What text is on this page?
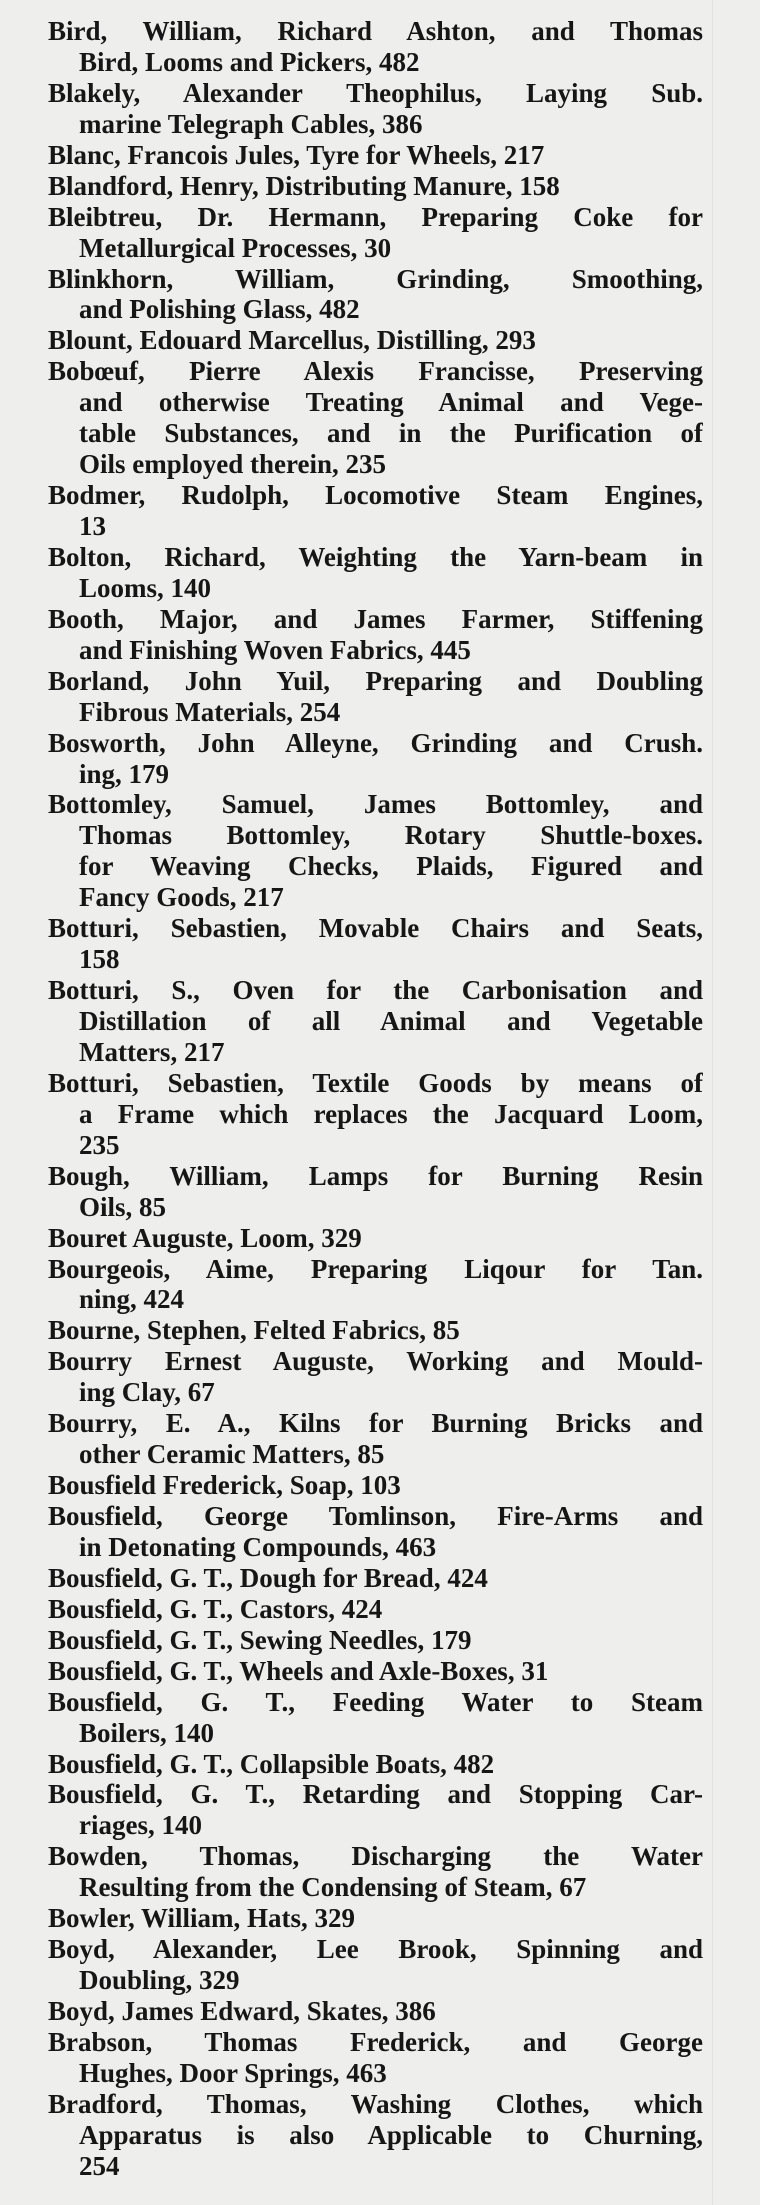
Bird, William, Richard Ashton, and Thomas
Bird, Looms and Pickers, 482
Blakely, Alexander Theophilus, Laying Sub.
marine Telegraph Cables, 386
Blanc, Francois Jules, Tyre for Wheels, 217
Blandford, Henry, Distributing Manure, 158
Bleibtreu, Dr. Hermann, Preparing Coke for
Metallurgical Processes, 30
Blinkhorn, William, Grinding, Smoothing,
and Polishing Glass, 482
Blount, Edouard Marcellus, Distilling, 293
Bobœuf, Pierre Alexis Francisse, Preserving
and otherwise Treating Animal and Vege-
table Substances, and in the Purification of
Oils employed therein, 235
Bodmer, Rudolph, Locomotive Steam Engines,
13
Bolton, Richard, Weighting the Yarn-beam in
Looms, 140
Booth, Major, and James Farmer, Stiffening
and Finishing Woven Fabrics, 445
Borland, John Yuil, Preparing and Doubling
Fibrous Materials, 254
Bosworth, John Alleyne, Grinding and Crush.
ing, 179
Bottomley, Samuel, James Bottomley, and
Thomas Bottomley, Rotary Shuttle-boxes.
for Weaving Checks, Plaids, Figured and
Fancy Goods, 217
Botturi, Sebastien, Movable Chairs and Seats,
158
Botturi, S., Oven for the Carbonisation and
Distillation of all Animal and Vegetable
Matters, 217
Botturi, Sebastien, Textile Goods by means of
a Frame which replaces the Jacquard Loom,
235
Bough, William, Lamps for Burning Resin
Oils, 85
Bouret Auguste, Loom, 329
Bourgeois, Aime, Preparing Liqour for Tan.
ning, 424
Bourne, Stephen, Felted Fabrics, 85
Bourry Ernest Auguste, Working and Mould-
ing Clay, 67
Bourry, E. A., Kilns for Burning Bricks and
other Ceramic Matters, 85
Bousfield Frederick, Soap, 103
Bousfield, George Tomlinson, Fire-Arms and
in Detonating Compounds, 463
Bousfield, G. T., Dough for Bread, 424
Bousfield, G. T., Castors, 424
Bousfield, G. T., Sewing Needles, 179
Bousfield, G. T., Wheels and Axle-Boxes, 31
Bousfield, G. T., Feeding Water to Steam
Boilers, 140
Bousfield, G. T., Collapsible Boats, 482
Bousfield, G. T., Retarding and Stopping Car-
riages, 140
Bowden, Thomas, Discharging the Water
Resulting from the Condensing of Steam, 67
Bowler, William, Hats, 329
Boyd, Alexander, Lee Brook, Spinning and
Doubling, 329
Boyd, James Edward, Skates, 386
Brabson, Thomas Frederick, and George
Hughes, Door Springs, 463
Bradford, Thomas, Washing Clothes, which
Apparatus is also Applicable to Churning,
254
